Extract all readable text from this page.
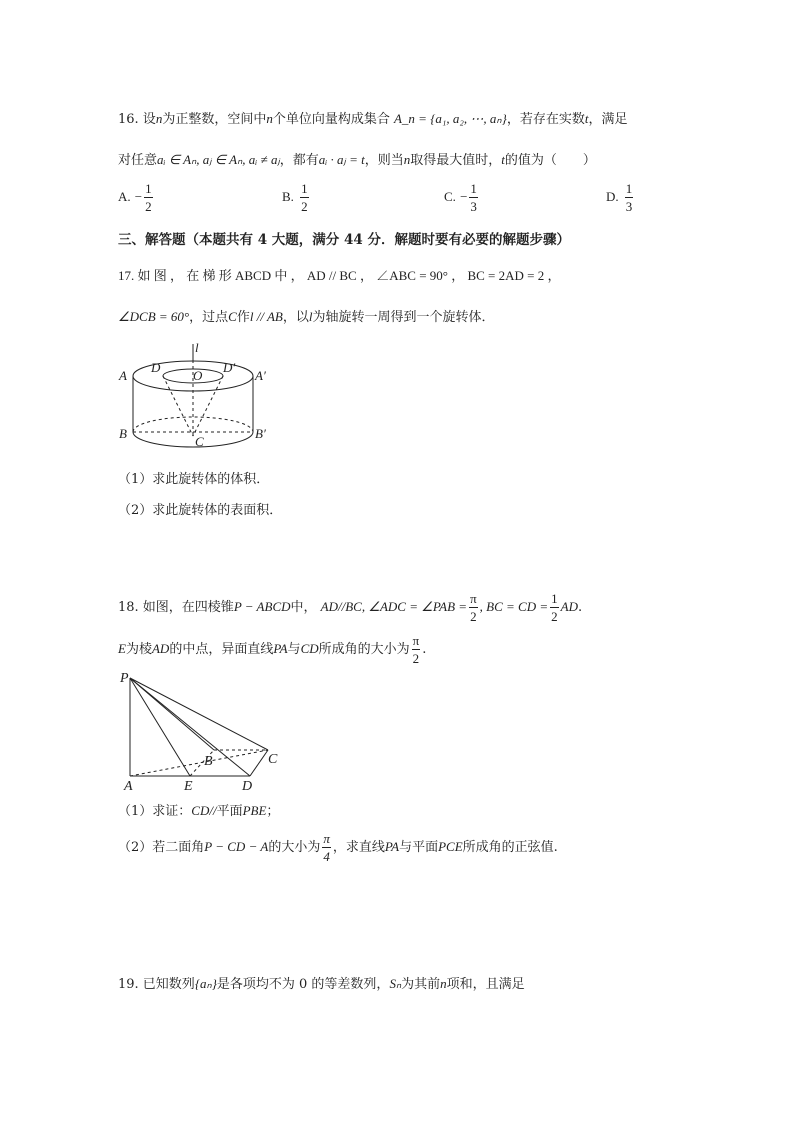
16. 设n为正整数，空间中n个单位向量构成集合 A_n = {a₁, a₂, ⋯, aₙ}，若存在实数t，满足
对任意aᵢ ∈ Aₙ, aⱼ ∈ Aₙ, aᵢ ≠ aⱼ，都有aᵢ · aⱼ = t，则当n取得最大值时，t的值为（　　）
A. − $\frac{1}{2}$	B. $\frac{1}{2}$	C. − $\frac{1}{3}$	D. $\frac{1}{3}$
三、解答题（本题共有 4 大题，满分 44 分．解题时要有必要的解题步骤）
17. 如 图 ， 在 梯 形 ABCD 中 ， AD // BC ， ∠ABC = 90° ， BC = 2AD = 2 ，
∠DCB = 60°，过点C作l // AB，以l为轴旋转一周得到一个旋转体．
l
A
D
O
D′
A′
B
C
B′
（1）求此旋转体的体积．
（2）求此旋转体的表面积．
18. 如图，在四棱锥P − ABCD中， AD//BC, ∠ADC = ∠PAB = $\frac{\pi}{2}$ , BC = CD = $\frac{1}{2}$ AD.
E为棱AD的中点，异面直线PA与CD所成角的大小为 $\frac{\pi}{2}$ .
P
A	E	D
B	C
（1）求证：CD//平面PBE；
（2）若二面角P − CD − A的大小为 $\frac{\pi}{4}$ ，求直线PA与平面PCE所成角的正弦值.
19. 已知数列{aₙ}是各项均不为 0 的等差数列，Sₙ为其前n项和，且满足
